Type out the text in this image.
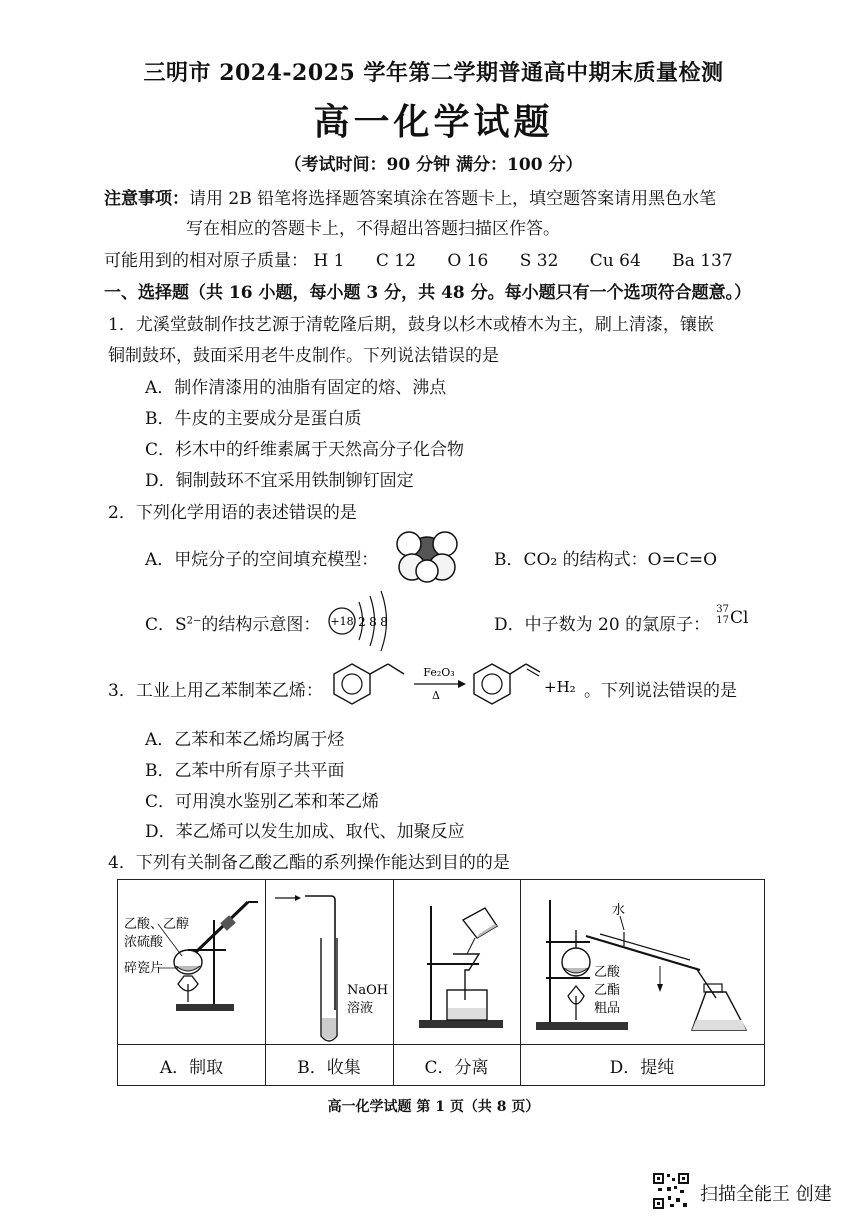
三明市 2024-2025 学年第二学期普通高中期末质量检测
高一化学试题
（考试时间：90 分钟 满分：100 分）
注意事项：请用 2B 铅笔将选择题答案填涂在答题卡上，填空题答案请用黑色水笔
写在相应的答题卡上，不得超出答题扫描区作答。
可能用到的相对原子质量： H 1 C 12 O 16 S 32 Cu 64 Ba 137
一、选择题（共 16 小题，每小题 3 分，共 48 分。每小题只有一个选项符合题意。）
1．尤溪堂鼓制作技艺源于清乾隆后期，鼓身以杉木或椿木为主，刷上清漆，镶嵌
铜制鼓环，鼓面采用老牛皮制作。下列说法错误的是
A．制作清漆用的油脂有固定的熔、沸点
B．牛皮的主要成分是蛋白质
C．杉木中的纤维素属于天然高分子化合物
D．铜制鼓环不宜采用铁制铆钉固定
2．下列化学用语的表述错误的是
A．甲烷分子的空间填充模型：	B．CO₂ 的结构式：O=C=O
C．$S^{2-}$的结构示意图： +18 2 8 8	D．中子数为 20 的氯原子：
37
17 Cl
3．工业上用乙苯制苯乙烯：
Fe₂O₃
Δ	+H₂ 。下列说法错误的是
A．乙苯和苯乙烯均属于烃
B．乙苯中所有原子共平面
C．可用溴水鉴别乙苯和苯乙烯
D．苯乙烯可以发生加成、取代、加聚反应
4．下列有关制备乙酸乙酯的系列操作能达到目的的是
乙酸、乙醇
浓硫酸
碎瓷片
NaOH
溶液
水
乙酸
乙酯
粗品
A．制取	B．收集	C．分离	D．提纯
高一化学试题 第 1 页（共 8 页）
扫描全能王 创建
